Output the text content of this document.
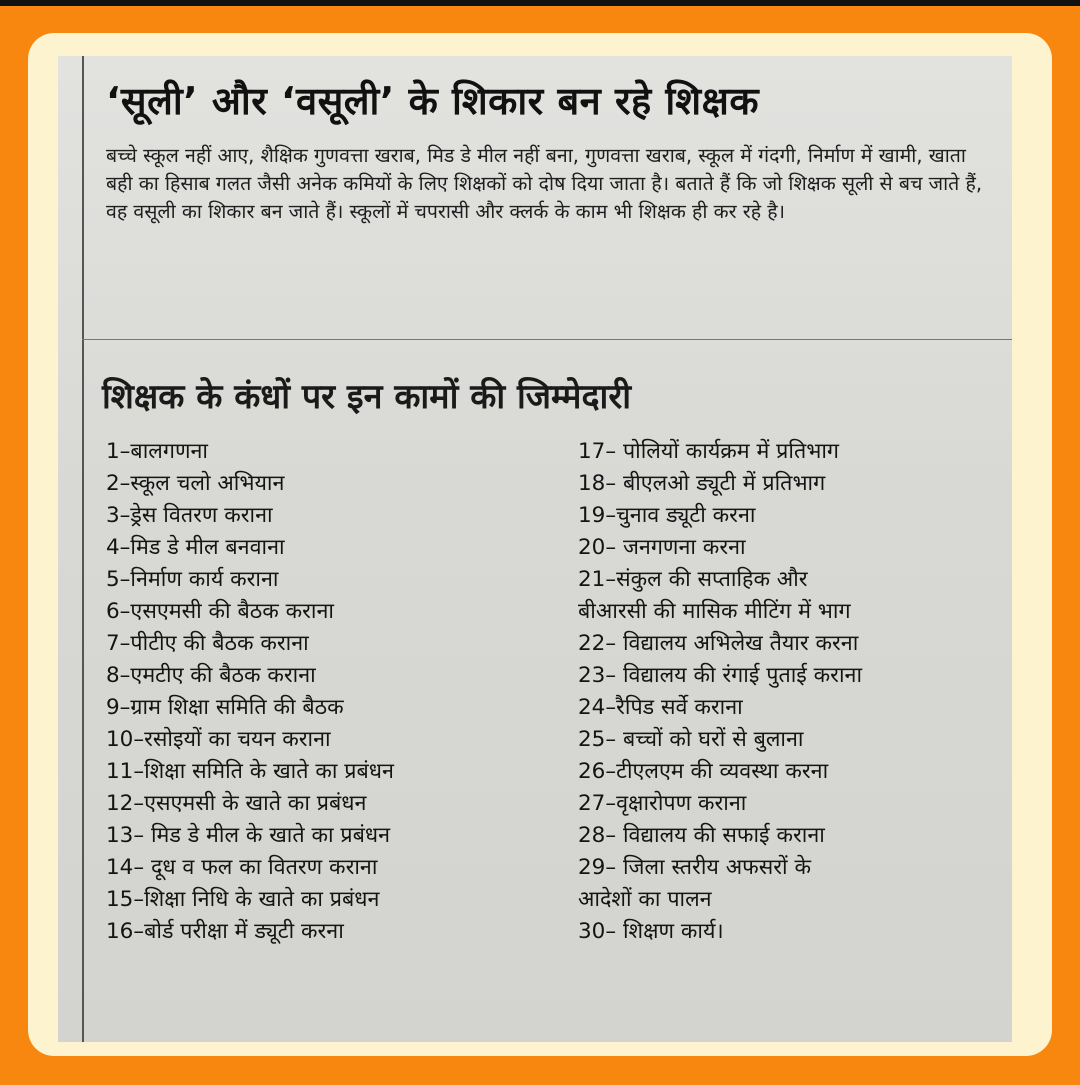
‘सूली’ और ‘वसूली’ के शिकार बन रहे शिक्षक
बच्चे स्कूल नहीं आए, शैक्षिक गुणवत्ता खराब, मिड डे मील नहीं बना, गुणवत्ता खराब, स्कूल में गंदगी, निर्माण में खामी, खाता बही का हिसाब गलत जैसी अनेक कमियों के लिए शिक्षकों को दोष दिया जाता है। बताते हैं कि जो शिक्षक सूली से बच जाते हैं, वह वसूली का शिकार बन जाते हैं। स्कूलों में चपरासी और क्लर्क के काम भी शिक्षक ही कर रहे है।
शिक्षक के कंधों पर इन कामों की जिम्मेदारी
1–बालगणना
2–स्कूल चलो अभियान
3–ड्रेस वितरण कराना
4–मिड डे मील बनवाना
5–निर्माण कार्य कराना
6–एसएमसी की बैठक कराना
7–पीटीए की बैठक कराना
8–एमटीए की बैठक कराना
9–ग्राम शिक्षा समिति की बैठक
10–रसोइयों का चयन कराना
11–शिक्षा समिति के खाते का प्रबंधन
12–एसएमसी के खाते का प्रबंधन
13– मिड डे मील के खाते का प्रबंधन
14– दूध व फल का वितरण कराना
15–शिक्षा निधि के खाते का प्रबंधन
16–बोर्ड परीक्षा में ड्यूटी करना
17– पोलियों कार्यक्रम में प्रतिभाग
18– बीएलओ ड्यूटी में प्रतिभाग
19–चुनाव ड्यूटी करना
20– जनगणना करना
21–संकुल की सप्ताहिक और
बीआरसी की मासिक मीटिंग में भाग
22– विद्यालय अभिलेख तैयार करना
23– विद्यालय की रंगाई पुताई कराना
24–रैपिड सर्वे कराना
25– बच्चों को घरों से बुलाना
26–टीएलएम की व्यवस्था करना
27–वृक्षारोपण कराना
28– विद्यालय की सफाई कराना
29– जिला स्तरीय अफसरों के
आदेशों का पालन
30– शिक्षण कार्य।
